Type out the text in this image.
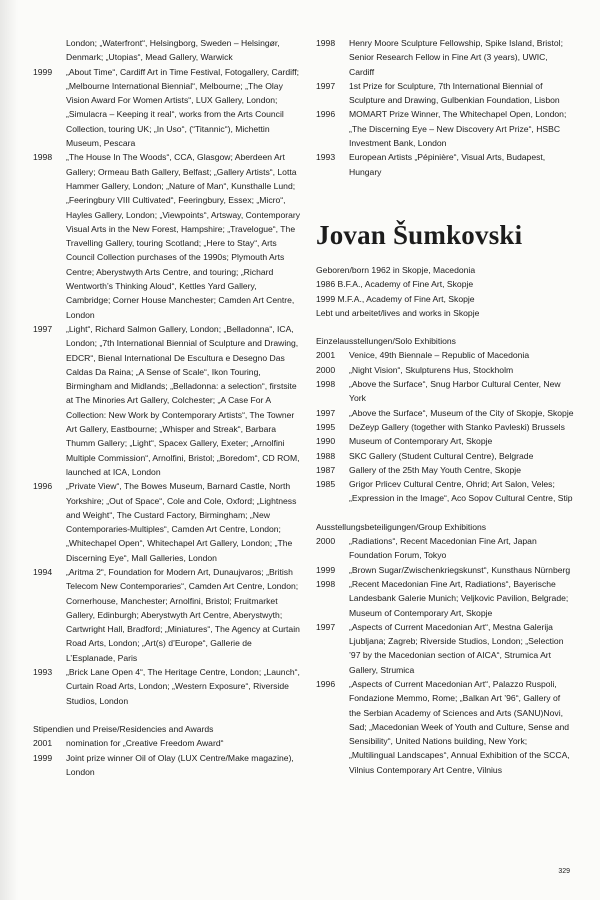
London; „Waterfront“, Helsingborg, Sweden – Helsingør, Denmark; „Utopias“, Mead Gallery, Warwick
1999	„About Time“, Cardiff Art in Time Festival, Fotogallery, Cardiff; „Melbourne International Biennial“, Melbourne; „The Olay Vision Award For Women Artists“, LUX Gallery, London; „Simulacra – Keeping it real“, works from the Arts Council Collection, touring UK; „In Uso“, (“Titannic“), Michettin Museum, Pescara
1998	„The House In The Woods“, CCA, Glasgow; Aberdeen Art Gallery; Ormeau Bath Gallery, Belfast; „Gallery Artists“, Lotta Hammer Gallery, London; „Nature of Man“, Kunsthalle Lund; „Feeringbury VIII Cultivated“, Feeringbury, Essex; „Micro“, Hayles Gallery, London; „Viewpoints“, Artsway, Contemporary Visual Arts in the New Forest, Hampshire; „Travelogue“, The Travelling Gallery, touring Scotland; „Here to Stay“, Arts Council Collection purchases of the 1990s; Plymouth Arts Centre; Aberystwyth Arts Centre, and touring; „Richard Wentworth’s Thinking Aloud“, Kettles Yard Gallery, Cambridge; Corner House Manchester; Camden Art Centre, London
1997	„Light“, Richard Salmon Gallery, London; „Belladonna“, ICA, London; „7th International Biennial of Sculpture and Drawing, EDCR“, Bienal International De Escultura e Desegno Das Caldas Da Raina; „A Sense of Scale“, Ikon Touring, Birmingham and Midlands; „Belladonna: a selection“, firstsite at The Minories Art Gallery, Colchester; „A Case For A Collection: New Work by Contemporary Artists“, The Towner Art Gallery, Eastbourne; „Whisper and Streak“, Barbara Thumm Gallery; „Light“, Spacex Gallery, Exeter; „Arnolfini Multiple Commission“, Arnolfini, Bristol; „Boredom“, CD ROM, launched at ICA, London
1996	„Private View“, The Bowes Museum, Barnard Castle, North Yorkshire; „Out of Space“, Cole and Cole, Oxford; „Lightness and Weight“, The Custard Factory, Birmingham; „New Contemporaries-Multiples“, Camden Art Centre, London; „Whitechapel Open“, Whitechapel Art Gallery, London; „The Discerning Eye“, Mall Galleries, London
1994	„Aritma 2“, Foundation for Modern Art, Dunaujvaros; „British Telecom New Contemporaries“, Camden Art Centre, London; Cornerhouse, Manchester; Arnolfini, Bristol; Fruitmarket Gallery, Edinburgh; Aberystwyth Art Centre, Aberystwyth; Cartwright Hall, Bradford; „Miniatures“, The Agency at Curtain Road Arts, London; „Art(s) d’Europe“, Gallerie de L’Esplanade, Paris
1993	„Brick Lane Open 4“, The Heritage Centre, London; „Launch“, Curtain Road Arts, London; „Western Exposure“, Riverside Studios, London

Stipendien und Preise/Residencies and Awards

2001	nomination for „Creative Freedom Award“
1999	Joint prize winner Oil of Olay (LUX Centre/Make magazine), London
1998	Henry Moore Sculpture Fellowship, Spike Island, Bristol; Senior Research Fellow in Fine Art (3 years), UWIC, Cardiff
1997	1st Prize for Sculpture, 7th International Biennial of Sculpture and Drawing, Gulbenkian Foundation, Lisbon
1996	MOMART Prize Winner, The Whitechapel Open, London; „The Discerning Eye – New Discovery Art Prize“, HSBC Investment Bank, London
1993	European Artists „Pépinière“, Visual Arts, Budapest, Hungary
Jovan Šumkovski

Geboren/born 1962 in Skopje, Macedonia

1986 B.F.A., Academy of Fine Art, Skopje

1999 M.F.A., Academy of Fine Art, Skopje

Lebt und arbeitet/lives and works in Skopje

Einzelausstellungen/Solo Exhibitions

2001	Venice, 49th Biennale – Republic of Macedonia
2000	„Night Vision“, Skulpturens Hus, Stockholm
1998	„Above the Surface“, Snug Harbor Cultural Center, New York
1997	„Above the Surface“, Museum of the City of Skopje, Skopje
1995	DeZeyp Gallery (together with Stanko Pavleski) Brussels
1990	Museum of Contemporary Art, Skopje
1988	SKC Gallery (Student Cultural Centre), Belgrade
1987	Gallery of the 25th May Youth Centre, Skopje
1985	Grigor Prlicev Cultural Centre, Ohrid; Art Salon, Veles; „Expression in the Image“, Aco Sopov Cultural Centre, Stip

Ausstellungsbeteiligungen/Group Exhibitions

2000	„Radiations“, Recent Macedonian Fine Art, Japan Foundation Forum, Tokyo
1999	„Brown Sugar/Zwischenkriegskunst“, Kunsthaus Nürnberg
1998	„Recent Macedonian Fine Art, Radiations“, Bayerische Landesbank Galerie Munich; Veljkovic Pavilion, Belgrade; Museum of Contemporary Art, Skopje
1997	„Aspects of Current Macedonian Art“, Mestna Galerija Ljubljana; Zagreb; Riverside Studios, London; „Selection ’97 by the Macedonian section of AICA“, Strumica Art Gallery, Strumica
1996	„Aspects of Current Macedonian Art“, Palazzo Ruspoli, Fondazione Memmo, Rome; „Balkan Art ’96“, Gallery of the Serbian Academy of Sciences and Arts (SANU)Novi, Sad; „Macedonian Week of Youth and Culture, Sense and Sensibility“, United Nations building, New York; „Multilingual Landscapes“, Annual Exhibition of the SCCA, Vilnius Contemporary Art Centre, Vilnius
329
